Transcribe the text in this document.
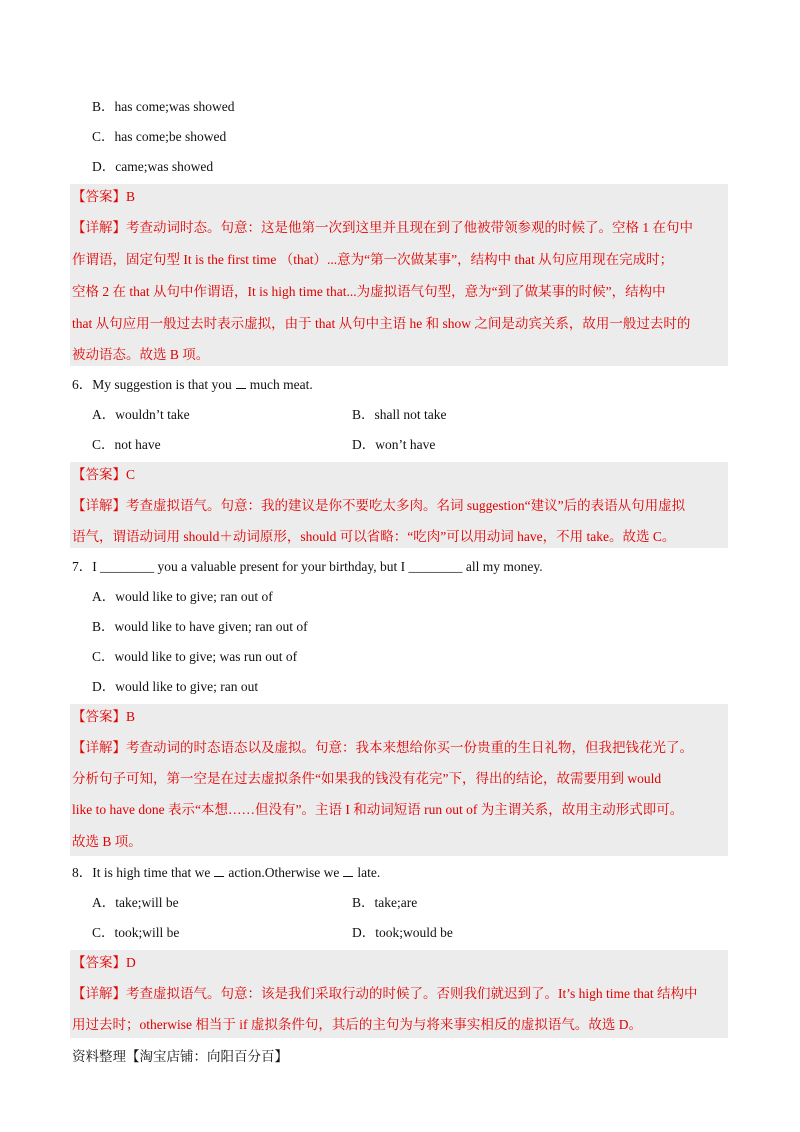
B．has come;was showed
C．has come;be showed
D．came;was showed
【答案】B
【详解】考查动词时态。句意：这是他第一次到这里并且现在到了他被带领参观的时候了。空格 1 在句中
作谓语，固定句型 It is the first time （that）...意为“第一次做某事”，结构中 that 从句应用现在完成时；
空格 2 在 that 从句中作谓语，It is high time that...为虚拟语气句型，意为“到了做某事的时候”，结构中
that 从句应用一般过去时表示虚拟，由于 that 从句中主语 he 和 show 之间是动宾关系，故用一般过去时的
被动语态。故选 B 项。
6．My suggestion is that you much meat.
A．wouldn’t take	B．shall not take
C．not have	D．won’t have
【答案】C
【详解】考查虚拟语气。句意：我的建议是你不要吃太多肉。名词 suggestion“建议”后的表语从句用虚拟
语气，谓语动词用 should＋动词原形，should 可以省略：“吃肉”可以用动词 have，不用 take。故选 C。
7．I ________ you a valuable present for your birthday, but I ________ all my money.
A．would like to give; ran out of
B．would like to have given; ran out of
C．would like to give; was run out of
D．would like to give; ran out
【答案】B
【详解】考查动词的时态语态以及虚拟。句意：我本来想给你买一份贵重的生日礼物，但我把钱花光了。
分析句子可知，第一空是在过去虚拟条件“如果我的钱没有花完”下，得出的结论，故需要用到 would
like to have done 表示“本想……但没有”。主语 I 和动词短语 run out of 为主谓关系，故用主动形式即可。
故选 B 项。
8．It is high time that we action.Otherwise we late.
A．take;will be	B．take;are
C．took;will be	D．took;would be
【答案】D
【详解】考查虚拟语气。句意：该是我们采取行动的时候了。否则我们就迟到了。It’s high time that 结构中
用过去时；otherwise 相当于 if 虚拟条件句，其后的主句为与将来事实相反的虚拟语气。故选 D。
资料整理【淘宝店铺：向阳百分百】
